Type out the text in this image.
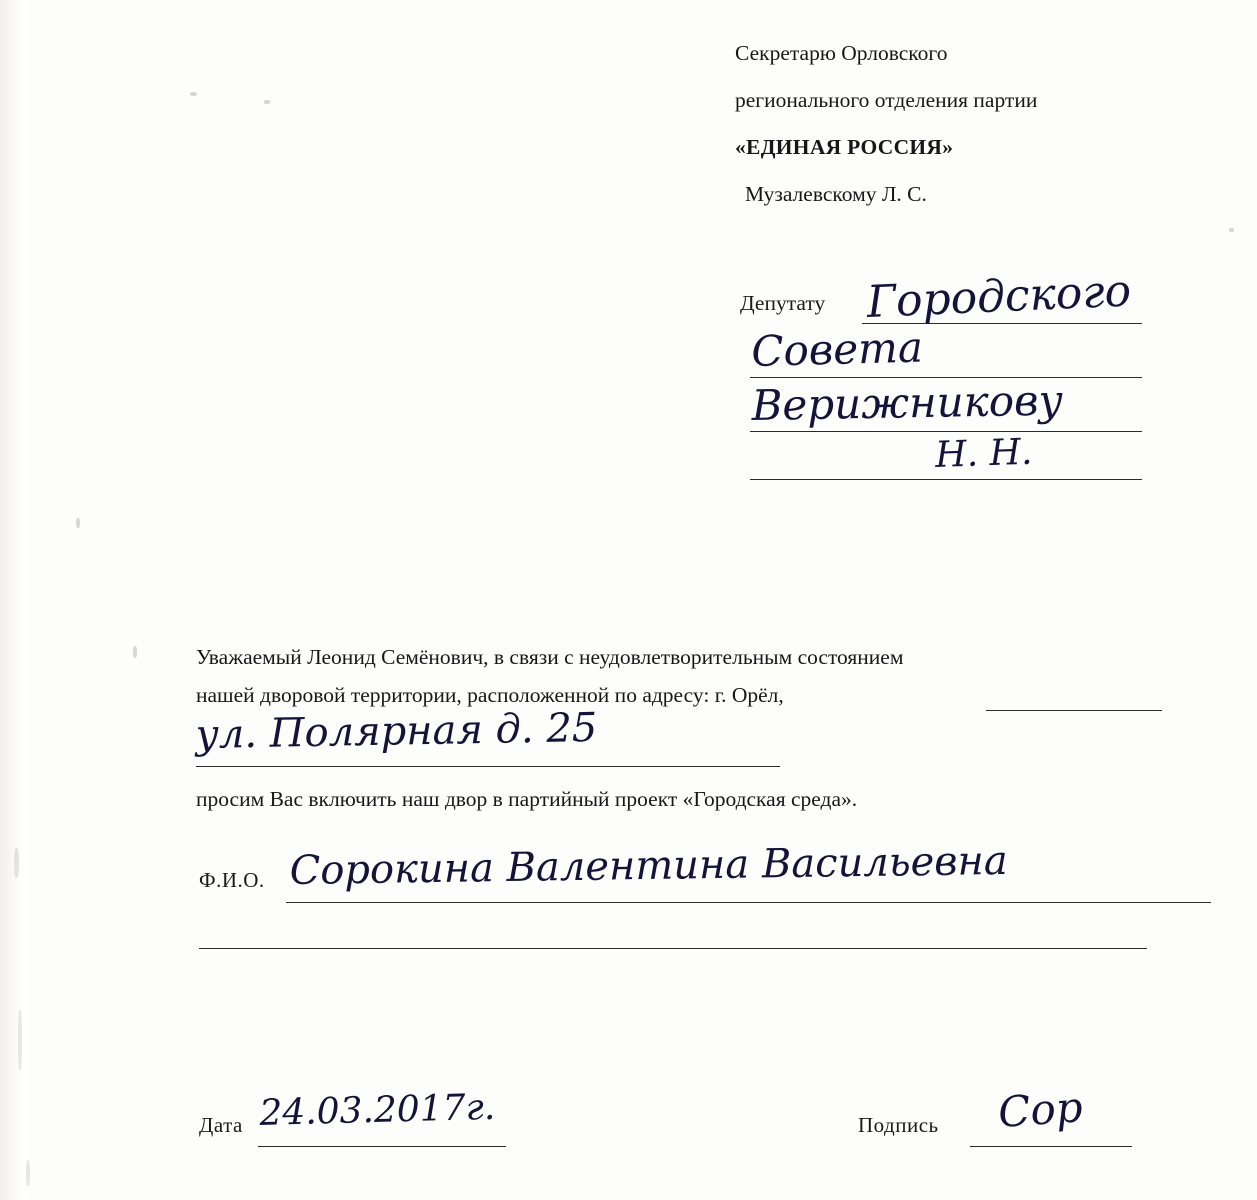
Секретарю Орловского
регионального отделения партии
«ЕДИНАЯ РОССИЯ»
Музалевскому Л. С.
Депутату Городского
Совета
Верижникову
Н. Н.
Уважаемый Леонид Семёнович, в связи с неудовлетворительным состоянием
нашей дворовой территории, расположенной по адресу: г. Орёл,
ул. Полярная д. 25
просим Вас включить наш двор в партийный проект «Городская среда».
Ф.И.О. Сорокина Валентина Васильевна
Дата 24.03.2017г.	Подпись Сор
